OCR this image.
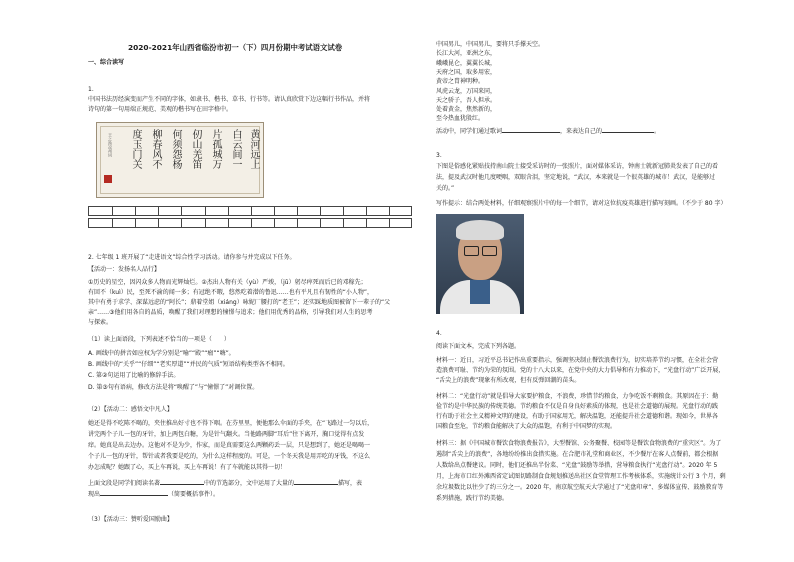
2020-2021年山西省临汾市初一（下）四月份期中考试语文试卷
一、综合读写
1.
中国书法历经演变而产生不同的字体，如隶书、楷书、草书、行书等。请认真欣赏下边这幅行书作品，并将
诗句的第一句用端正规范、美观的楷书写在田字格中。
王之涣凉州词	度玉门关 柳春风不 何须怨杨 仞山羌笛 片孤城万 白云间一 黄河远上
2. 七年级 1 班开展了“走进语文”综合性学习活动。请你参与并完成以下任务。
【活动一：发扬名人品行】
①历史的星空，因闪众多人物而光辉灿烂。②杰出人物有关（yù）严竣，（jū）躬尽瘁死而后已的邓稼先；
有回不（kuì）民，至死不渝的闻一多；有冠绝不暇，悠然吃着潜的鲁迅……也有平凡且有韧性的“小人物”，
其中有勇于求学、深谋远虑的“阿长”；鼎着堂姐（xiáng）咏妮厂腰打的“老王”；还实踩地质图被留下一辈子的“父
亲”……③他们用各自的品质，唤醒了我们对理想的憧憬与追求；他们用优秀的品格，引导我们对人生的思考
与探索。
（1）读上面语段，下列表述不恰当的一项是（　　）
A. 画线中的拼音如应权为学分别是“喻”“殿”“瘤”“嗨”。
B. 画线中的“关乎”“仔细”“老实厚道”“并民的气质”短语结构类型各不相同。
C. 第②句运用了比喻的修辞手法。
D. 第③句有语病，修改方法是将“唤醒了”与“憧憬了”对调位置。
（2）【活动二：感悟文中凡人】
她还是得不吃陈不喝的，夹住推出好寸也不得下咽。在芬里里，便他那么伞面的手夹，在“飞路过一匀以后，
讲完两个子儿一包的牙针，加上两包白糖，为是针气翻火。当他路两脚“耳后”往下离开，胸口觉得有点发
痒。她真是出去边办。这他对不是为少，作家，而是真需要这么两颗药丢一层，只是想到了，她还是喝喝一
个子儿一包的牙针，帮针或者我要是吃的，为什么这样程度的。可是，一个冬天我是用弄吃的牙钱，不这么
办怎成呢？她跟了心，买上车再说，买上车再说！有了车就能以其得一切！
上面文段是同学们阅读名著	中的节选部分，文中运用了大量的	描写，表
现出	（简要概括事件）。
（3）【活动三：赞听爱国励曲】
中国男儿，中国男儿，要将只手撑天空。
长江大河，亚洲之东，
峨峨昆仑，翼翼长城，
天府之国，取多用宏，
黄帝之胄神明种。
风虎云龙，万国来同，
天之骄子，吾人担承。
处着黄金，焦然新的，
至今热血犹殷红。
活动中，同学们通过歌词	，来表达自己的	。
3.
下图是俗感化紧贴技持南山院士接受采访时的一张照片，面对媒体采访，钟南士就新冠肺炎发表了自己的看
法，提及武汉时他几度哽咽，双眼含泪，坚定地说，“武汉，本来就是一个很英雄的城市！武汉，是能够过
关的。”
写作提示：结合两处材料，仔细观察照片中的每一个细节，请对这位抗疫英雄进行描写刻画。（不少于 80 字）
4.
阅读下面文本，完成下列各题。
材料一：近日，习近平总书记作出重要指示，强调坚决制止餐饮浪费行为，切实培养节约习惯，在全社会营
造浪费可耻、节约为荣的氛围。党的十八大以来，在党中央的大力倡导和有力推动下，“光盘行动”广泛开展，
“舌尖上的浪费”现象有所改观，但有反弹回潮的苗头。
材料二：“光盘行动”就是倡导大家要护粮食，不浪费，珍惜节约粮食，力争吃饭不剩粮食。其原因在于：勤
俭节约是中华民族的传统美德。节约粮食不仅是自身良好素质的体现，也是社会道德的展现。光盘行动的践
行有助于社会主义精神文明的建设，有助于国家用无，解决温饱，还能提升社会道德和谐。现如今，世界各
国粮食至危，节约粮食能解决了大众的温饱，有利于中国梦的实现。
材料三：据《中国城市餐饮食物浪费报告》，大型餐馆、公务聚餐、校园等是餐饮食物浪费的“重灾区”。为了
遏制“舌尖上的浪费”，各地纷纷推出食措实施。在合肥市礼堂和商业区，不少餐厅在客人点餐前，都会根据
人数给出点餐建议。同时，他们还推出半份菜、“光盘”鼓励等举措，营导粮食执行“光盘行动”。2020 年 5
月，上海市口红外滩西省定试图切路制食食规划推送出社区食堂管理工作考核体系，实施统计公行 3 个月，剩
余垃圾数比以往少了约三分之一。2020 年，南京航空航天大学通过了“光盘印章”、多媒体宣传、鼓励教育等
系列措施，践行节约美德。
